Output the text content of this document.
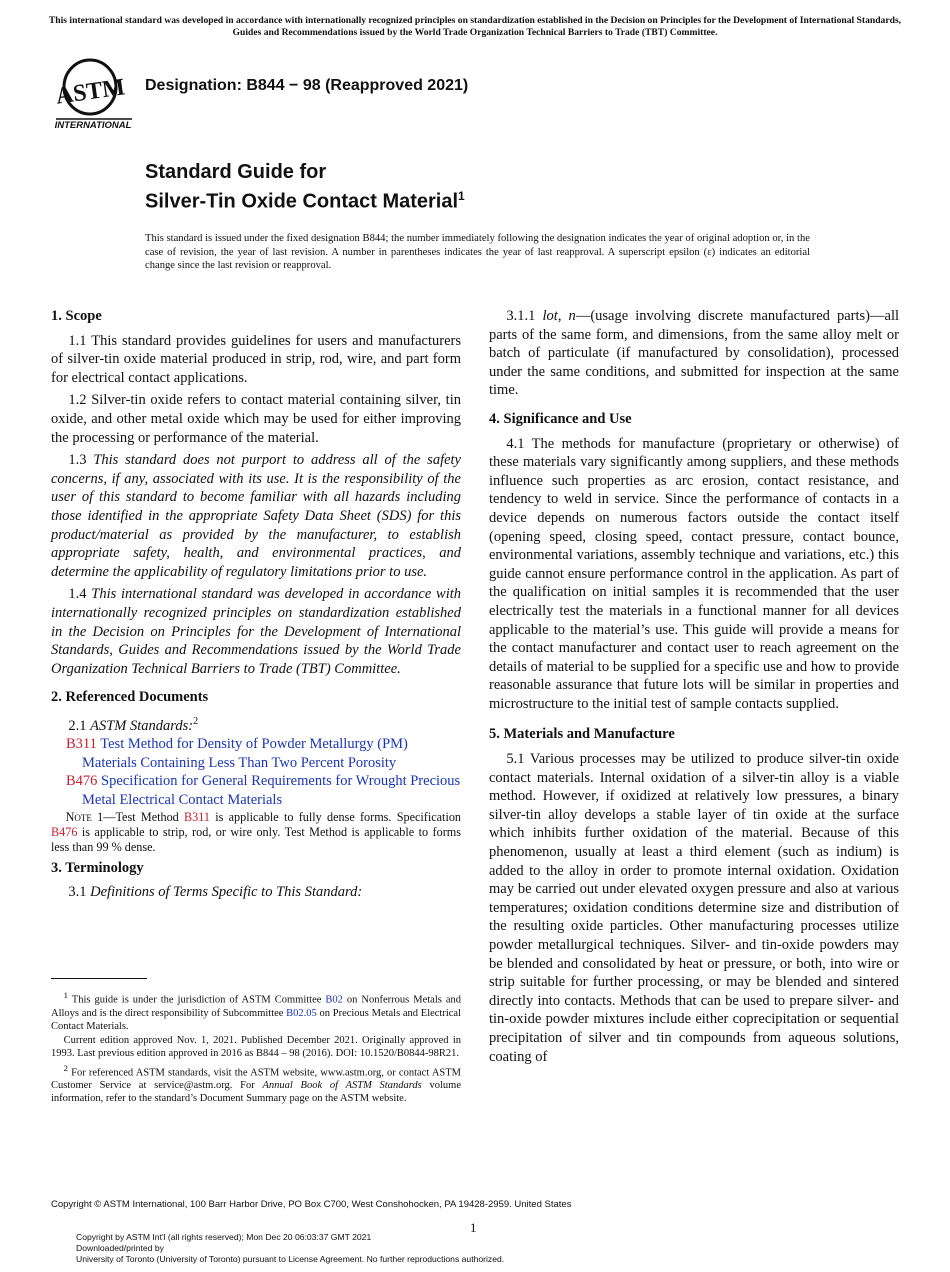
This international standard was developed in accordance with internationally recognized principles on standardization established in the Decision on Principles for the Development of International Standards, Guides and Recommendations issued by the World Trade Organization Technical Barriers to Trade (TBT) Committee.
ASTM
INTERNATIONAL
Designation: B844 − 98 (Reapproved 2021)
Standard Guide for
Silver-Tin Oxide Contact Material$^1$
This standard is issued under the fixed designation B844; the number immediately following the designation indicates the year of original adoption or, in the case of revision, the year of last revision. A number in parentheses indicates the year of last reapproval. A superscript epsilon (ε) indicates an editorial change since the last revision or reapproval.
1. Scope

1.1 This standard provides guidelines for users and manufacturers of silver-tin oxide material produced in strip, rod, wire, and part form for electrical contact applications.

1.2 Silver-tin oxide refers to contact material containing silver, tin oxide, and other metal oxide which may be used for either improving the processing or performance of the material.

1.3 This standard does not purport to address all of the safety concerns, if any, associated with its use. It is the responsibility of the user of this standard to become familiar with all hazards including those identified in the appropriate Safety Data Sheet (SDS) for this product/material as provided by the manufacturer, to establish appropriate safety, health, and environmental practices, and determine the applicability of regulatory limitations prior to use.

1.4 This international standard was developed in accordance with internationally recognized principles on standardization established in the Decision on Principles for the Development of International Standards, Guides and Recommendations issued by the World Trade Organization Technical Barriers to Trade (TBT) Committee.

2. Referenced Documents

2.1 ASTM Standards:$^2$

B311 Test Method for Density of Powder Metallurgy (PM) Materials Containing Less Than Two Percent Porosity
B476 Specification for General Requirements for Wrought Precious Metal Electrical Contact Materials

Note 1—Test Method B311 is applicable to fully dense forms. Specification B476 is applicable to strip, rod, or wire only. Test Method is applicable to forms less than 99 % dense.

3. Terminology

3.1 Definitions of Terms Specific to This Standard:

$^1$ This guide is under the jurisdiction of ASTM Committee B02 on Nonferrous Metals and Alloys and is the direct responsibility of Subcommittee B02.05 on Precious Metals and Electrical Contact Materials.

Current edition approved Nov. 1, 2021. Published December 2021. Originally approved in 1993. Last previous edition approved in 2016 as B844 – 98 (2016). DOI: 10.1520/B0844-98R21.

$^2$ For referenced ASTM standards, visit the ASTM website, www.astm.org, or contact ASTM Customer Service at service@astm.org. For Annual Book of ASTM Standards volume information, refer to the standard’s Document Summary page on the ASTM website.

3.1.1 lot, n—(usage involving discrete manufactured parts)—all parts of the same form, and dimensions, from the same alloy melt or batch of particulate (if manufactured by consolidation), processed under the same conditions, and submitted for inspection at the same time.

4. Significance and Use

4.1 The methods for manufacture (proprietary or otherwise) of these materials vary significantly among suppliers, and these methods influence such properties as arc erosion, contact resistance, and tendency to weld in service. Since the performance of contacts in a device depends on numerous factors outside the contact itself (opening speed, closing speed, contact pressure, contact bounce, environmental variations, assembly technique and variations, etc.) this guide cannot ensure performance control in the application. As part of the qualification on initial samples it is recommended that the user electrically test the materials in a functional manner for all devices applicable to the material’s use. This guide will provide a means for the contact manufacturer and contact user to reach agreement on the details of material to be supplied for a specific use and how to provide reasonable assurance that future lots will be similar in properties and microstructure to the initial test of sample contacts supplied.

5. Materials and Manufacture

5.1 Various processes may be utilized to produce silver-tin oxide contact materials. Internal oxidation of a silver-tin alloy is a viable method. However, if oxidized at relatively low pressures, a binary silver-tin alloy develops a stable layer of tin oxide at the surface which inhibits further oxidation of the material. Because of this phenomenon, usually at least a third element (such as indium) is added to the alloy in order to promote internal oxidation. Oxidation may be carried out under elevated oxygen pressure and also at various temperatures; oxidation conditions determine size and distribution of the resulting oxide particles. Other manufacturing processes utilize powder metallurgical techniques. Silver- and tin-oxide powders may be blended and consolidated by heat or pressure, or both, into wire or strip suitable for further processing, or may be blended and sintered directly into contacts. Methods that can be used to prepare silver- and tin-oxide powder mixtures include either coprecipitation or sequential precipitation of silver and tin compounds from aqueous solutions, coating of

Copyright © ASTM International, 100 Barr Harbor Drive, PO Box C700, West Conshohocken, PA 19428-2959. United States
1
Copyright by ASTM Int'l (all rights reserved); Mon Dec 20 06:03:37 GMT 2021
Downloaded/printed by
University of Toronto (University of Toronto) pursuant to License Agreement. No further reproductions authorized.
